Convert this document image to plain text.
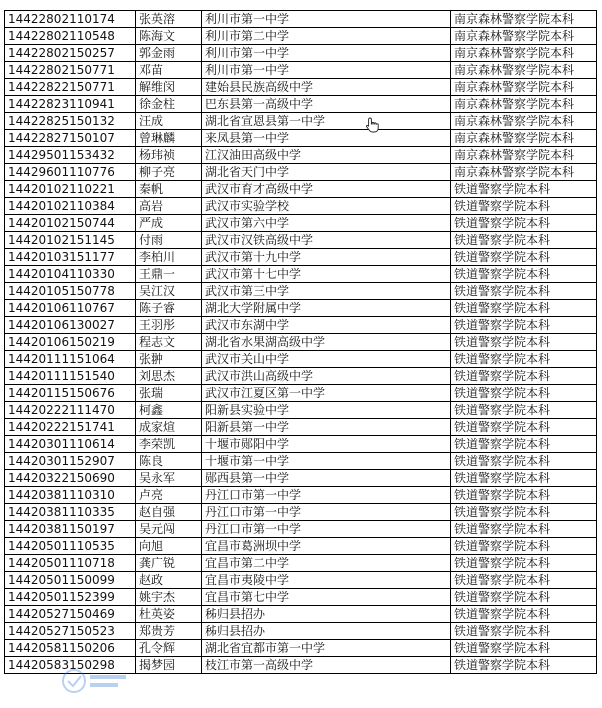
14422802110174	张英溶	利川市第一中学	南京森林警察学院本科
14422802110548	陈海文	利川市第二中学	南京森林警察学院本科
14422802150257	郭金雨	利川市第一中学	南京森林警察学院本科
14422802150771	邓苗	利川市第一中学	南京森林警察学院本科
14422822150771	解维闵	建始县民族高级中学	南京森林警察学院本科
14422823110941	徐金柱	巴东县第一高级中学	南京森林警察学院本科
14422825150132	汪成	湖北省宣恩县第一中学	南京森林警察学院本科
14422827150107	曾琳麟	来凤县第一中学	南京森林警察学院本科
14429501153432	杨玮祯	江汉油田高级中学	南京森林警察学院本科
14429601110776	柳子亮	湖北省天门中学	南京森林警察学院本科
14420102110221	秦帆	武汉市育才高级中学	铁道警察学院本科
14420102110384	高岩	武汉市实验学校	铁道警察学院本科
14420102150744	严成	武汉市第六中学	铁道警察学院本科
14420102151145	付雨	武汉市汉铁高级中学	铁道警察学院本科
14420103151177	李柏川	武汉市第十九中学	铁道警察学院本科
14420104110330	王鼎一	武汉市第十七中学	铁道警察学院本科
14420105150778	吴江汉	武汉市第三中学	铁道警察学院本科
14420106110767	陈子睿	湖北大学附属中学	铁道警察学院本科
14420106130027	王羽彤	武汉市东湖中学	铁道警察学院本科
14420106150219	程志文	湖北省水果湖高级中学	铁道警察学院本科
14420111151064	张翀	武汉市关山中学	铁道警察学院本科
14420111151540	刘思杰	武汉市洪山高级中学	铁道警察学院本科
14420115150676	张瑞	武汉市江夏区第一中学	铁道警察学院本科
14420222111470	柯鑫	阳新县实验中学	铁道警察学院本科
14420222151741	成家煊	阳新县第一中学	铁道警察学院本科
14420301110614	李荣凯	十堰市郧阳中学	铁道警察学院本科
14420301152907	陈良	十堰市第一中学	铁道警察学院本科
14420322150690	吴永军	郧西县第一中学	铁道警察学院本科
14420381110310	卢亮	丹江口市第一中学	铁道警察学院本科
14420381110335	赵自强	丹江口市第一中学	铁道警察学院本科
14420381150197	吴元闯	丹江口市第一中学	铁道警察学院本科
14420501110535	向旭	宜昌市葛洲坝中学	铁道警察学院本科
14420501110718	龚广锐	宜昌市第二中学	铁道警察学院本科
14420501150099	赵政	宜昌市夷陵中学	铁道警察学院本科
14420501152399	姚宇杰	宜昌市第七中学	铁道警察学院本科
14420527150469	杜英姿	秭归县招办	铁道警察学院本科
14420527150523	郑贵芳	秭归县招办	铁道警察学院本科
14420581150206	孔令辉	湖北省宜都市第一中学	铁道警察学院本科
14420583150298	揭梦园	枝江市第一高级中学	铁道警察学院本科
